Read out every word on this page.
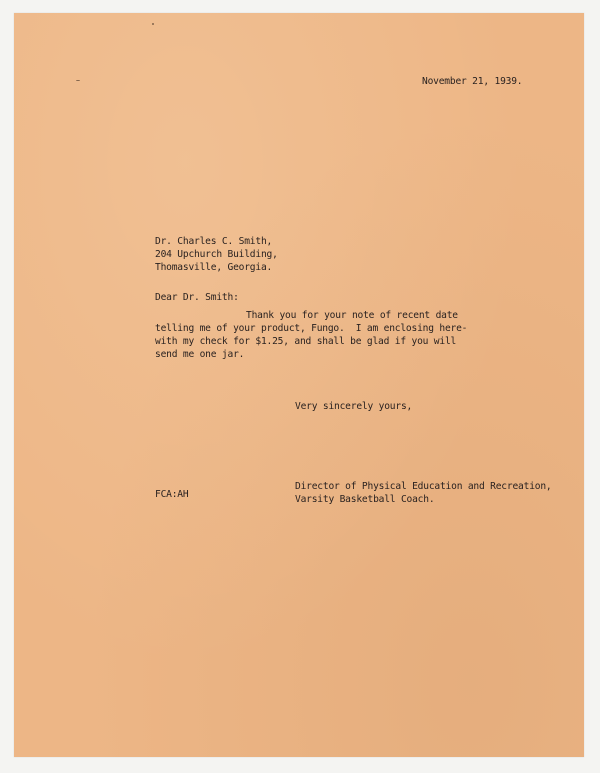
November 21, 1939.
Dr. Charles C. Smith,
204 Upchurch Building,
Thomasville, Georgia.
Dear Dr. Smith:
Thank you for your note of recent date
telling me of your product, Fungo.  I am enclosing here-
with my check for $1.25, and shall be glad if you will
send me one jar.
Very sincerely yours,
Director of Physical Education and Recreation,
Varsity Basketball Coach.
FCA:AH
